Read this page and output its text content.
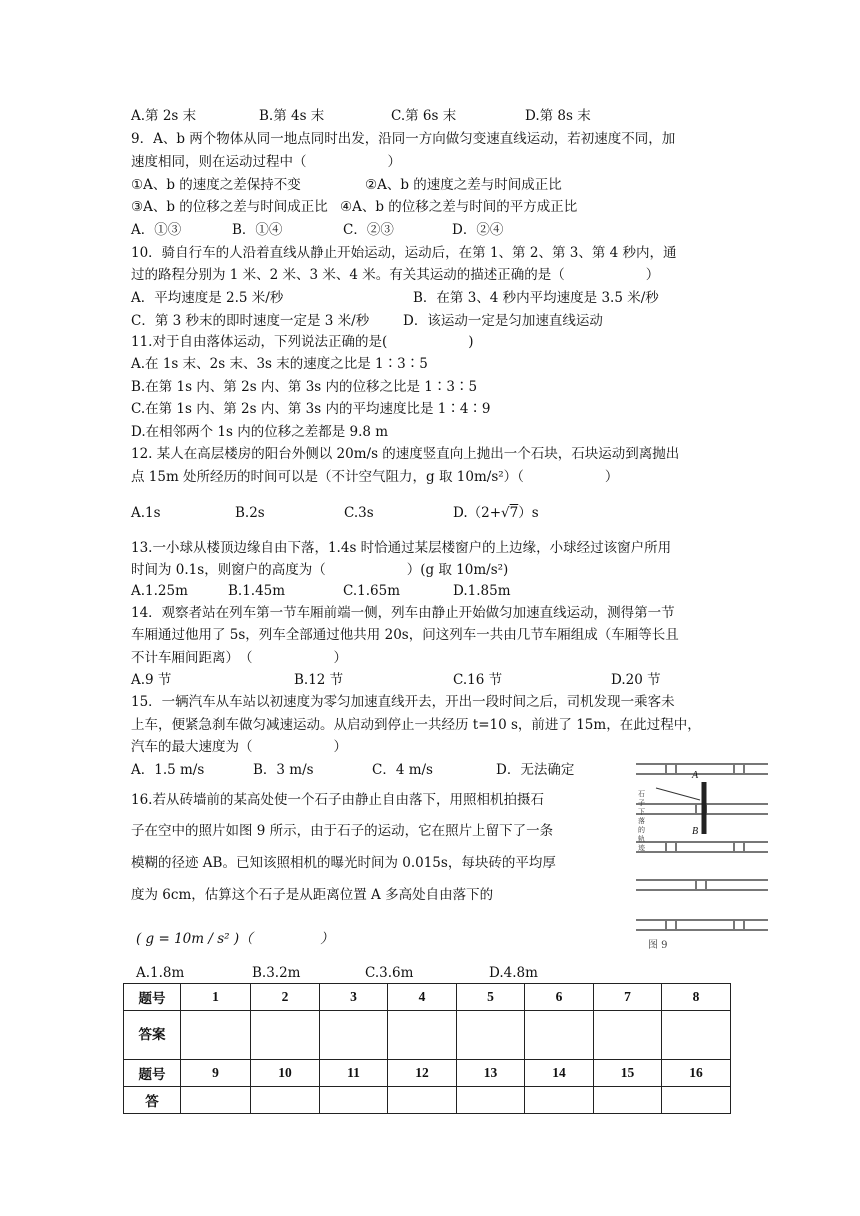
A.第 2s 末	B.第 4s 末	C.第 6s 末	D.第 8s 末
9．A、b 两个物体从同一地点同时出发，沿同一方向做匀变速直线运动，若初速度不同，加
速度相同，则在运动过程中（　　　　　　）
①A、b 的速度之差保持不变	②A、b 的速度之差与时间成正比
③A、b 的位移之差与时间成正比 ④A、b 的位移之差与时间的平方成正比
A．①③	B．①④	C．②③	D．②④
10．骑自行车的人沿着直线从静止开始运动，运动后，在第 1、第 2、第 3、第 4 秒内，通
过的路程分别为 1 米、2 米、3 米、4 米。有关其运动的描述正确的是（　　　　　　）
A．平均速度是 2.5 米/秒	B．在第 3、4 秒内平均速度是 3.5 米/秒
C．第 3 秒末的即时速度一定是 3 米/秒	D．该运动一定是匀加速直线运动
11.对于自由落体运动，下列说法正确的是(　　　　　　)
A.在 1s 末、2s 末、3s 末的速度之比是 1∶3∶5
B.在第 1s 内、第 2s 内、第 3s 内的位移之比是 1∶3∶5
C.在第 1s 内、第 2s 内、第 3s 内的平均速度比是 1∶4∶9
D.在相邻两个 1s 内的位移之差都是 9.8 m
12. 某人在高层楼房的阳台外侧以 20m/s 的速度竖直向上抛出一个石块，石块运动到离抛出
点 15m 处所经历的时间可以是（不计空气阻力，g 取 10m/s²）（　　　　　　）
A.1s	B.2s	C.3s	D.（2+√7）s
13.一小球从楼顶边缘自由下落，1.4s 时恰通过某层楼窗户的上边缘，小球经过该窗户所用
时间为 0.1s，则窗户的高度为（　　　　　　）(g 取 10m/s²)
A.1.25m	B.1.45m	C.1.65m	D.1.85m
14．观察者站在列车第一节车厢前端一侧，列车由静止开始做匀加速直线运动，测得第一节
车厢通过他用了 5s，列车全部通过他共用 20s，问这列车一共由几节车厢组成（车厢等长且
不计车厢间距离）　（　　　　　　）
A.9 节	B.12 节	C.16 节	D.20 节
15．一辆汽车从车站以初速度为零匀加速直线开去，开出一段时间之后，司机发现一乘客未
上车，便紧急刹车做匀减速运动。从启动到停止一共经历 t=10 s，前进了 15m，在此过程中，
汽车的最大速度为（　　　　　　）
A．1.5 m/s	B．3 m/s	C．4 m/s	D．无法确定
16.若从砖墙前的某高处使一个石子由静止自由落下，用照相机拍摄石
子在空中的照片如图 9 所示，由于石子的运动，它在照片上留下了一条
模糊的径迹 AB。已知该照相机的曝光时间为 0.015s，每块砖的平均厚
度为 6cm，估算这个石子是从距离位置 A 多高处自由落下的
( g = 10m / s² )（　　　　　）
A.1.8m	B.3.2m	C.3.6m	D.4.8m
A
B
石子下落的轨迹
图 9
题号	1	2	3	4	5	6	7	8
答案								
题号	9	10	11	12	13	14	15	16
答								
